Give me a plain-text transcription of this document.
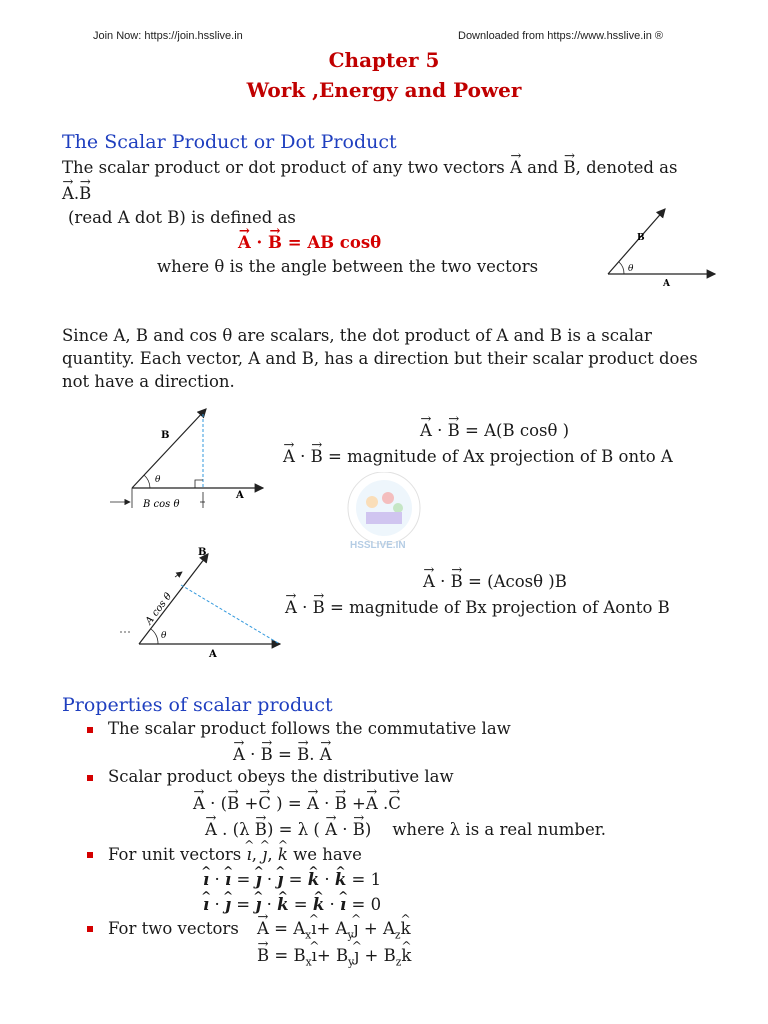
Join Now: https://join.hsslive.in	Downloaded from https://www.hsslive.in ®
Chapter 5
Work ,Energy and Power
The Scalar Product or Dot Product
The scalar product or dot product of any two vectors → A and → B, denoted as
→ A.→ B
(read A dot B) is defined as
→ A · → B = AB cosθ
where θ is the angle between the two vectors
B
θ
A
Since A, B and cos θ are scalars, the dot product of A and B is a scalar
quantity. Each vector, A and B, has a direction but their scalar product does
not have a direction.
B
θ
A
B cos θ
→ A · → B = A(B cosθ )
→ A · → B = magnitude of Ax projection of B onto A
HSSLIVE.IN
B
θ
A
A cos θ
→ A · → B = (Acosθ )B
→ A · → B = magnitude of Bx projection of Aonto B
Properties of scalar product
The scalar product follows the commutative law
→ A · → B = → B. → A
Scalar product obeys the distributive law
→ A · (→ B +→ C ) = → A · → B +→ A .→ C
→ A . (λ → B) = λ ( → A · → B)    where λ is a real number.
For unit vectors ^ ı, ^ ȷ, ^ k we have
^ ı · ^ ı = ^ ȷ · ^ ȷ = ^ k · ^ k = 1
^ ı · ^ ȷ = ^ ȷ · ^ k = ^ k · ^ ı = 0
For two vectors
→ $A = A_x\^{}$ ı+ $A_y\^{}$ ȷ + $A_z\^{}$ k
→ $B = B_x\^{}$ ı+ $B_y\^{}$ ȷ + $B_z\^{}$ k
